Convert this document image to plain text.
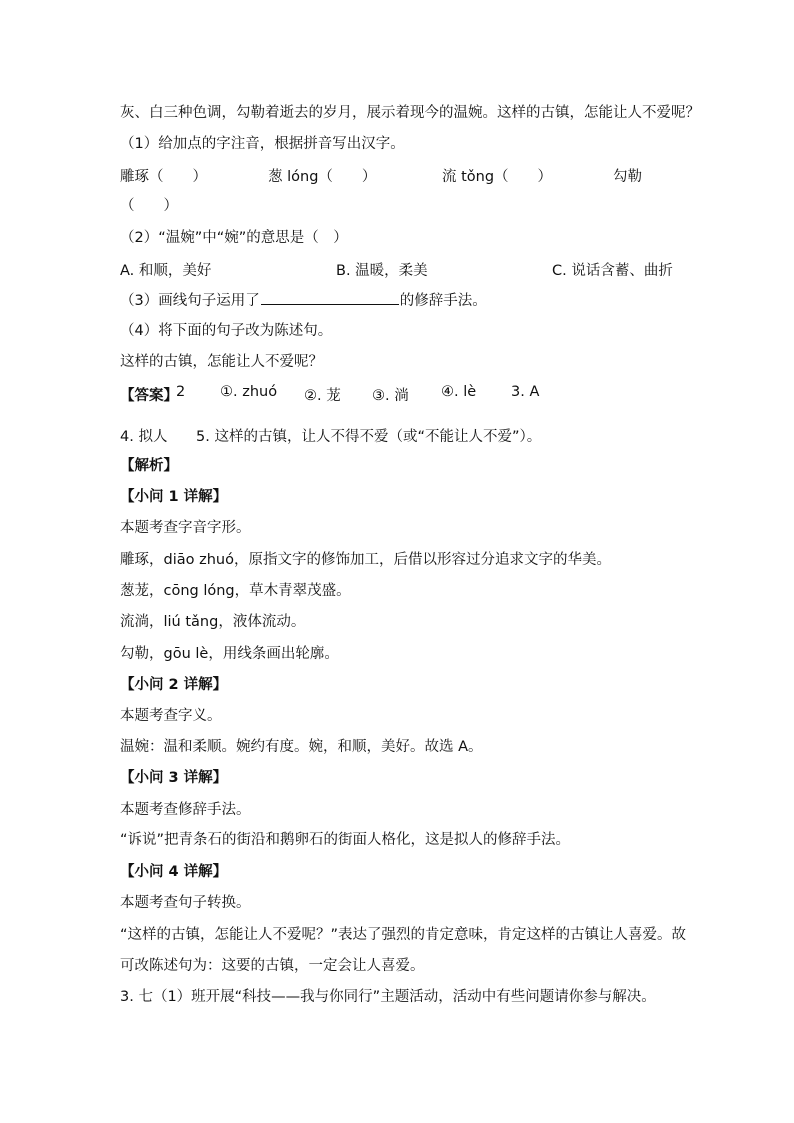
灰、白三种色调，勾勒着逝去的岁月，展示着现今的温婉。这样的古镇，怎能让人不爱呢？
（1）给加点的字注音，根据拼音写出汉字。
雕琢（　　）	葱 lóng（　　）	流 tǒng（　　）	勾勒
（　　）
（2）“温婉”中“婉”的意思是（　）
A. 和顺，美好	B. 温暖，柔美	C. 说话含蓄、曲折
（3）画线句子运用了	的修辞手法。
（4）将下面的句子改为陈述句。
这样的古镇，怎能让人不爱呢？
【答案】
2 ①. zhuó ②. 茏 ③. 淌 ④. lè 3. A
4. 拟人 5. 这样的古镇，让人不得不爱（或“不能让人不爱”）。
【解析】
【小问 1 详解】
本题考查字音字形。
雕琢，diāo zhuó，原指文字的修饰加工，后借以形容过分追求文字的华美。
葱茏，cōng lóng，草木青翠茂盛。
流淌，liú tǎng，液体流动。
勾勒，gōu lè，用线条画出轮廓。
【小问 2 详解】
本题考查字义。
温婉：温和柔顺。婉约有度。婉，和顺，美好。故选 A。
【小问 3 详解】
本题考查修辞手法。
“诉说”把青条石的街沿和鹅卵石的街面人格化，这是拟人的修辞手法。
【小问 4 详解】
本题考查句子转换。
“这样的古镇，怎能让人不爱呢？”表达了强烈的肯定意味，肯定这样的古镇让人喜爱。故
可改陈述句为：这要的古镇，一定会让人喜爱。
3. 七（1）班开展“科技——我与你同行”主题活动，活动中有些问题请你参与解决。
